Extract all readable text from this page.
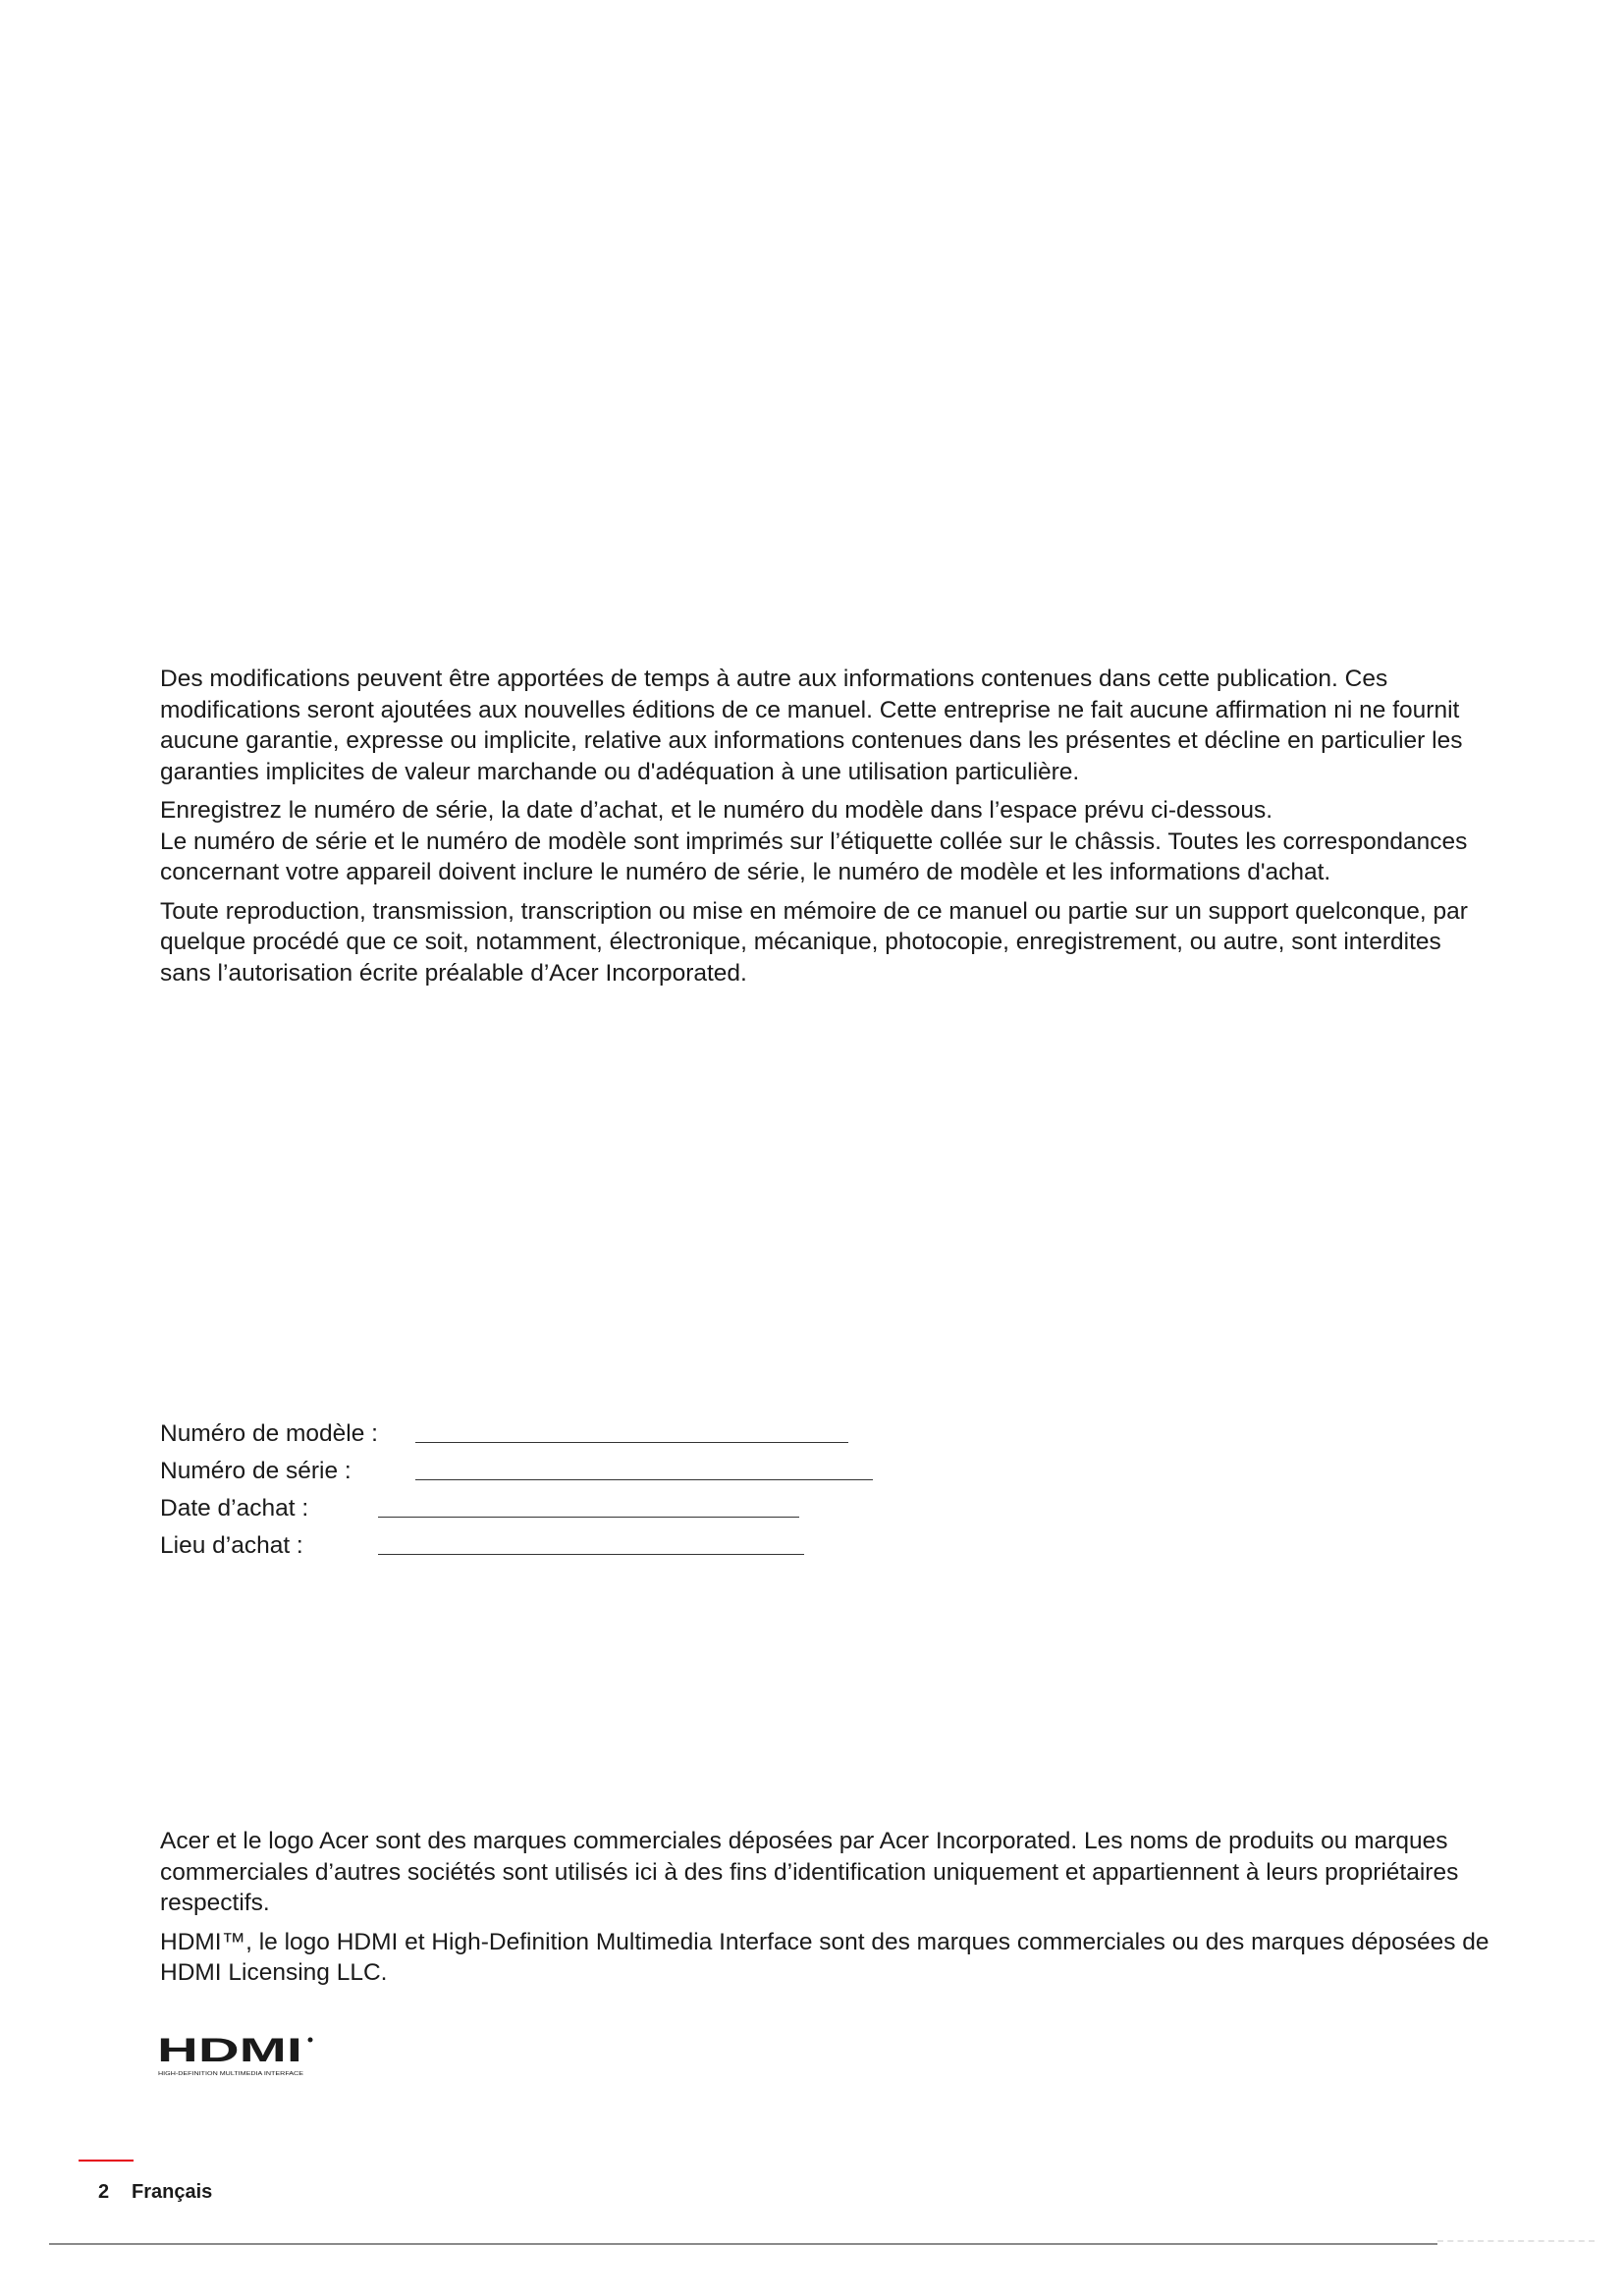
Des modifications peuvent être apportées de temps à autre aux informations contenues dans cette publication. Ces modifications seront ajoutées aux nouvelles éditions de ce manuel. Cette entreprise ne fait aucune affirmation ni ne fournit aucune garantie, expresse ou implicite, relative aux informations contenues dans les présentes et décline en particulier les garanties implicites de valeur marchande ou d'adéquation à une utilisation particulière.

Enregistrez le numéro de série, la date d’achat, et le numéro du modèle dans l’espace prévu ci-dessous.
Le numéro de série et le numéro de modèle sont imprimés sur l’étiquette collée sur le châssis. Toutes les correspondances concernant votre appareil doivent inclure le numéro de série, le numéro de modèle et les informations d'achat.

Toute reproduction, transmission, transcription ou mise en mémoire de ce manuel ou partie sur un support quelconque, par quelque procédé que ce soit, notamment, électronique, mécanique, photocopie, enregistrement, ou autre, sont interdites sans l’autorisation écrite préalable d’Acer Incorporated.

Numéro de modèle :
Numéro de série :
Date d’achat :
Lieu d’achat :

Acer et le logo Acer sont des marques commerciales déposées par Acer Incorporated. Les noms de produits ou marques commerciales d’autres sociétés sont utilisés ici à des fins d’identification uniquement et appartiennent à leurs propriétaires respectifs.

HDMI™, le logo HDMI et High-Definition Multimedia Interface sont des marques commerciales ou des marques déposées de HDMI Licensing LLC.

HDMI
HIGH-DEFINITION MULTIMEDIA INTERFACE
2 Français
